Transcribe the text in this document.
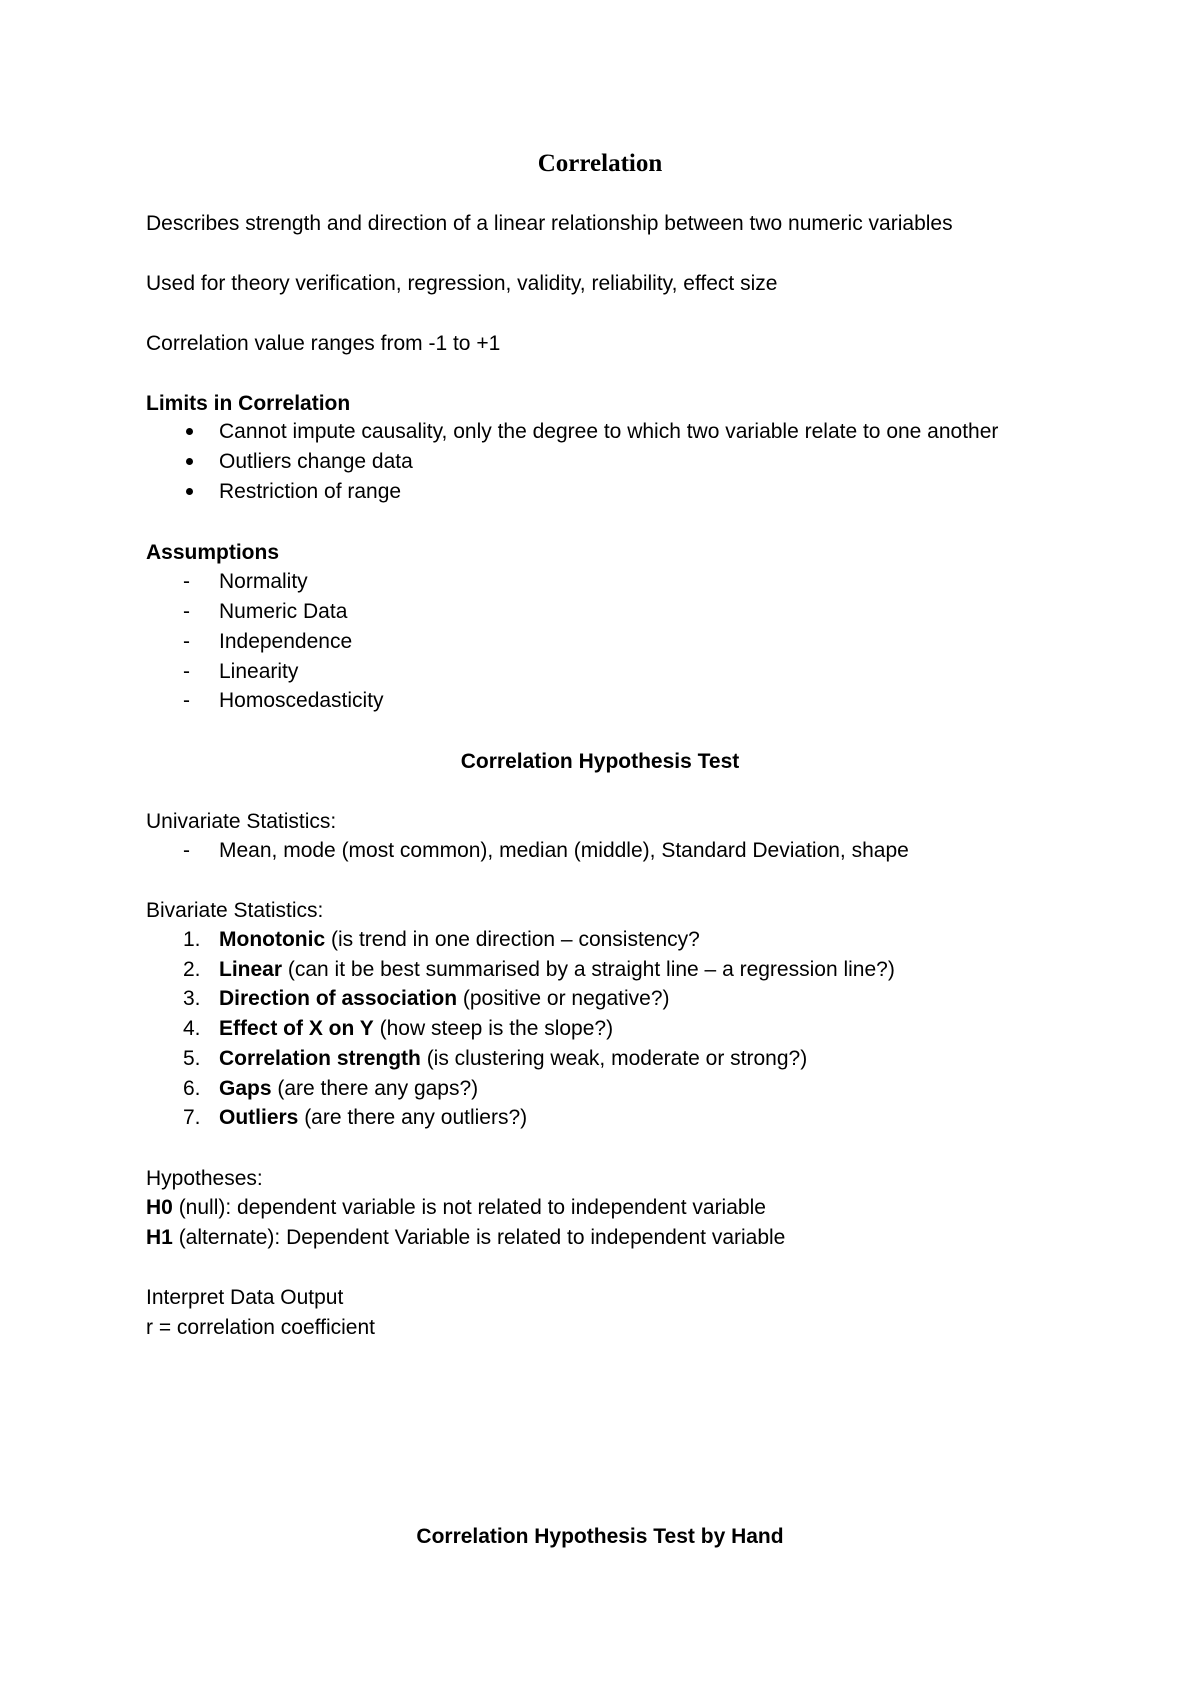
Correlation
Describes strength and direction of a linear relationship between two numeric variables
Used for theory verification, regression, validity, reliability, effect size
Correlation value ranges from -1 to +1
Limits in Correlation
Cannot impute causality, only the degree to which two variable relate to one another
Outliers change data
Restriction of range
Assumptions
- Normality
- Numeric Data
- Independence
- Linearity
- Homoscedasticity
Correlation Hypothesis Test
Univariate Statistics:
- Mean, mode (most common), median (middle), Standard Deviation, shape
Bivariate Statistics:
1. Monotonic (is trend in one direction – consistency?
2. Linear (can it be best summarised by a straight line – a regression line?)
3. Direction of association (positive or negative?)
4. Effect of X on Y (how steep is the slope?)
5. Correlation strength (is clustering weak, moderate or strong?)
6. Gaps (are there any gaps?)
7. Outliers (are there any outliers?)
Hypotheses:
H0 (null): dependent variable is not related to independent variable
H1 (alternate): Dependent Variable is related to independent variable
Interpret Data Output
r = correlation coefficient
Correlation Hypothesis Test by Hand
